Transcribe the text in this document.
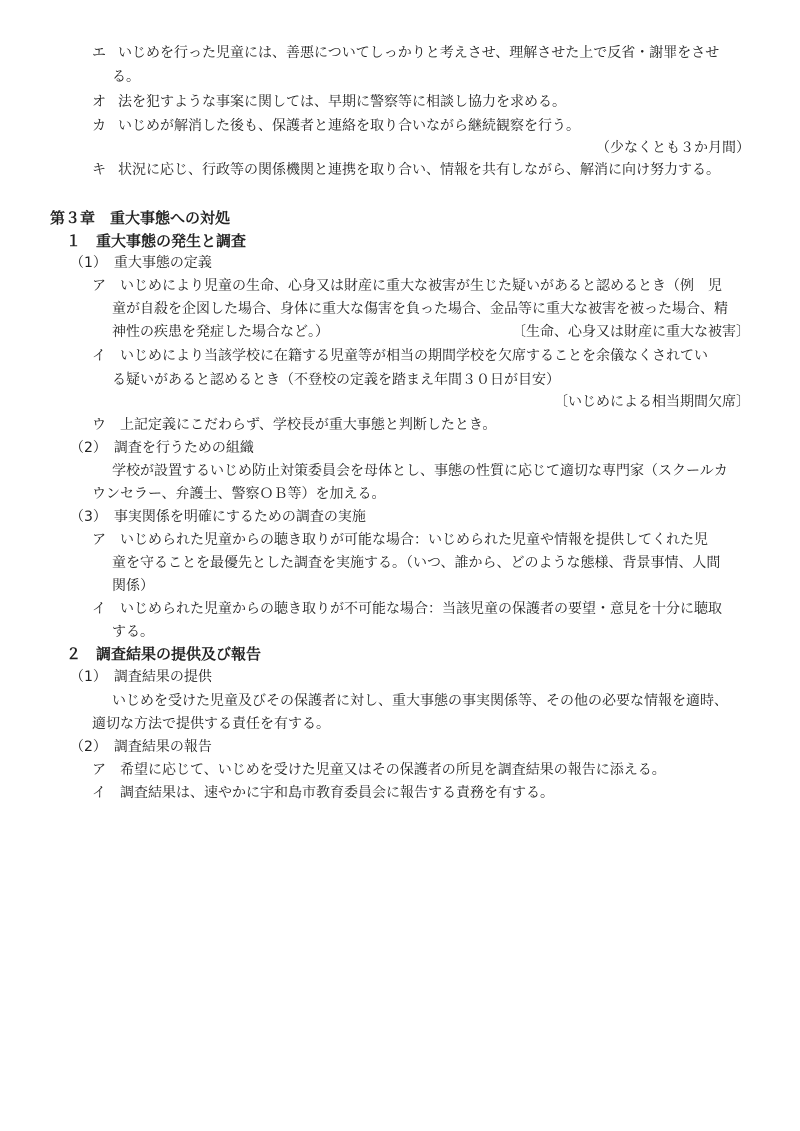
エ いじめを行った児童には、善悪についてしっかりと考えさせ、理解させた上で反省・謝罪をさせ
る。
オ 法を犯すような事案に関しては、早期に警察等に相談し協力を求める。
カ いじめが解消した後も、保護者と連絡を取り合いながら継続観察を行う。
（少なくとも３か月間）
キ 状況に応じ、行政等の関係機関と連携を取り合い、情報を共有しながら、解消に向け努力する。
第３章　重大事態への対処
１　重大事態の発生と調査
（1）　重大事態の定義
ア　いじめにより児童の生命、心身又は財産に重大な被害が生じた疑いがあると認めるとき（例　児
童が自殺を企図した場合、身体に重大な傷害を負った場合、金品等に重大な被害を被った場合、精
神性の疾患を発症した場合など。）	〔生命、心身又は財産に重大な被害〕
イ　いじめにより当該学校に在籍する児童等が相当の期間学校を欠席することを余儀なくされてい
る疑いがあると認めるとき（不登校の定義を踏まえ年間３０日が目安）
〔いじめによる相当期間欠席〕
ウ　上記定義にこだわらず、学校長が重大事態と判断したとき。
（2）　調査を行うための組織
学校が設置するいじめ防止対策委員会を母体とし、事態の性質に応じて適切な専門家（スクールカ
ウンセラー、弁護士、警察ＯＢ等）を加える。
（3）　事実関係を明確にするための調査の実施
ア　いじめられた児童からの聴き取りが可能な場合：いじめられた児童や情報を提供してくれた児
童を守ることを最優先とした調査を実施する。（いつ、誰から、どのような態様、背景事情、人間
関係）
イ　いじめられた児童からの聴き取りが不可能な場合：当該児童の保護者の要望・意見を十分に聴取
する。
２　調査結果の提供及び報告
（1）　調査結果の提供
いじめを受けた児童及びその保護者に対し、重大事態の事実関係等、その他の必要な情報を適時、
適切な方法で提供する責任を有する。
（2）　調査結果の報告
ア　希望に応じて、いじめを受けた児童又はその保護者の所見を調査結果の報告に添える。
イ　調査結果は、速やかに宇和島市教育委員会に報告する責務を有する。
